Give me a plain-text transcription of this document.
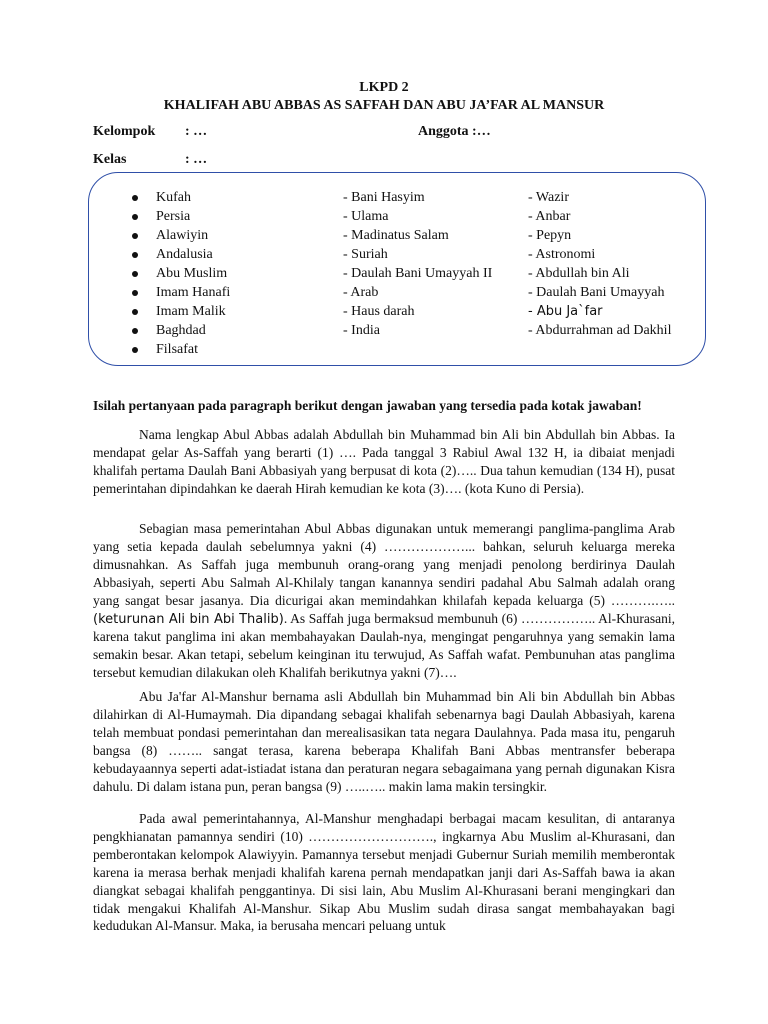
LKPD 2
KHALIFAH ABU ABBAS AS SAFFAH DAN ABU JA’FAR AL MANSUR
Kelompok : …	Anggota :…
Kelas	: …
Kufah
Persia
Alawiyin
Andalusia
Abu Muslim
Imam Hanafi
Imam Malik
Baghdad
Filsafat
- Bani Hasyim
- Ulama
- Madinatus Salam
- Suriah
- Daulah Bani Umayyah II
- Arab
- Haus darah
- India
- Wazir
- Anbar
- Pepyn
- Astronomi
- Abdullah bin Ali
- Daulah Bani Umayyah
- Abu Ja`far
- Abdurrahman ad Dakhil
Isilah pertanyaan pada paragraph berikut dengan jawaban yang tersedia pada kotak jawaban!

Nama lengkap Abul Abbas adalah Abdullah bin Muhammad bin Ali bin Abdullah bin Abbas. Ia mendapat gelar As-Saffah yang berarti (1) …. Pada tanggal 3 Rabiul Awal 132 H, ia dibaiat menjadi khalifah pertama Daulah Bani Abbasiyah yang berpusat di kota (2)….. Dua tahun kemudian (134 H), pusat pemerintahan dipindahkan ke daerah Hirah kemudian ke kota (3)…. (kota Kuno di Persia).

Sebagian masa pemerintahan Abul Abbas digunakan untuk memerangi panglima-panglima Arab yang setia kepada daulah sebelumnya yakni (4) ………………... bahkan, seluruh keluarga mereka dimusnahkan. As Saffah juga membunuh orang-orang yang menjadi penolong berdirinya Daulah Abbasiyah, seperti Abu Salmah Al-Khilaly tangan kanannya sendiri padahal Abu Salmah adalah orang yang sangat besar jasanya. Dia dicurigai akan memindahkan khilafah kepada keluarga (5) ……….…..(keturunan Ali bin Abi Thalib). As Saffah juga bermaksud membunuh (6) …………….. Al-Khurasani, karena takut panglima ini akan membahayakan Daulah-nya, mengingat pengaruhnya yang semakin lama semakin besar. Akan tetapi, sebelum keinginan itu terwujud, As Saffah wafat. Pembunuhan atas panglima tersebut kemudian dilakukan oleh Khalifah berikutnya yakni (7)….

Abu Ja'far Al-Manshur bernama asli Abdullah bin Muhammad bin Ali bin Abdullah bin Abbas dilahirkan di Al-Humaymah. Dia dipandang sebagai khalifah sebenarnya bagi Daulah Abbasiyah, karena telah membuat pondasi pemerintahan dan merealisasikan tata negara Daulahnya. Pada masa itu, pengaruh bangsa (8) …….. sangat terasa, karena beberapa Khalifah Bani Abbas mentransfer beberapa kebudayaannya seperti adat-istiadat istana dan peraturan negara sebagaimana yang pernah digunakan Kisra dahulu. Di dalam istana pun, peran bangsa (9) …..….. makin lama makin tersingkir.

Pada awal pemerintahannya, Al-Manshur menghadapi berbagai macam kesulitan, di antaranya pengkhianatan pamannya sendiri (10) ………………………., ingkarnya Abu Muslim al-Khurasani, dan pemberontakan kelompok Alawiyyin. Pamannya tersebut menjadi Gubernur Suriah memilih memberontak karena ia merasa berhak menjadi khalifah karena pernah mendapatkan janji dari As-Saffah bawa ia akan diangkat sebagai khalifah penggantinya. Di sisi lain, Abu Muslim Al-Khurasani berani mengingkari dan tidak mengakui Khalifah Al-Manshur. Sikap Abu Muslim sudah dirasa sangat membahayakan bagi kedudukan Al-Mansur. Maka, ia berusaha mencari peluang untuk
